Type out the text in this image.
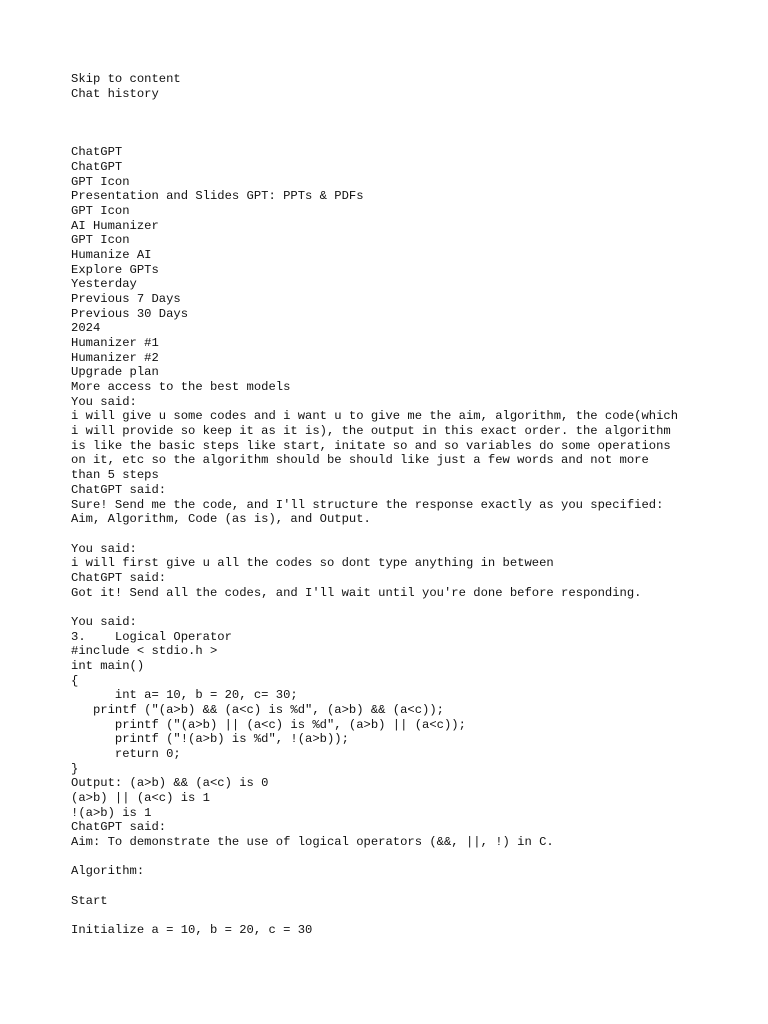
Skip to content
Chat history
ChatGPT
ChatGPT
GPT Icon
Presentation and Slides GPT: PPTs & PDFs
GPT Icon
AI Humanizer
GPT Icon
Humanize AI
Explore GPTs
Yesterday
Previous 7 Days
Previous 30 Days
2024
Humanizer #1
Humanizer #2
Upgrade plan
More access to the best models
You said:
i will give u some codes and i want u to give me the aim, algorithm, the code(which
i will provide so keep it as it is), the output in this exact order. the algorithm
is like the basic steps like start, initate so and so variables do some operations
on it, etc so the algorithm should be should like just a few words and not more
than 5 steps
ChatGPT said:
Sure! Send me the code, and I'll structure the response exactly as you specified:
Aim, Algorithm, Code (as is), and Output.
You said:
i will first give u all the codes so dont type anything in between
ChatGPT said:
Got it! Send all the codes, and I'll wait until you're done before responding.
You said:
3.    Logical Operator
#include < stdio.h >
int main()
{
int a= 10, b = 20, c= 30;
printf ("(a>b) && (a<c) is %d", (a>b) && (a<c));
printf ("(a>b) || (a<c) is %d", (a>b) || (a<c));
printf ("!(a>b) is %d", !(a>b));
return 0;
}
Output: (a>b) && (a<c) is 0
(a>b) || (a<c) is 1
!(a>b) is 1
ChatGPT said:
Aim: To demonstrate the use of logical operators (&&, ||, !) in C.
Algorithm:
Start
Initialize a = 10, b = 20, c = 30
